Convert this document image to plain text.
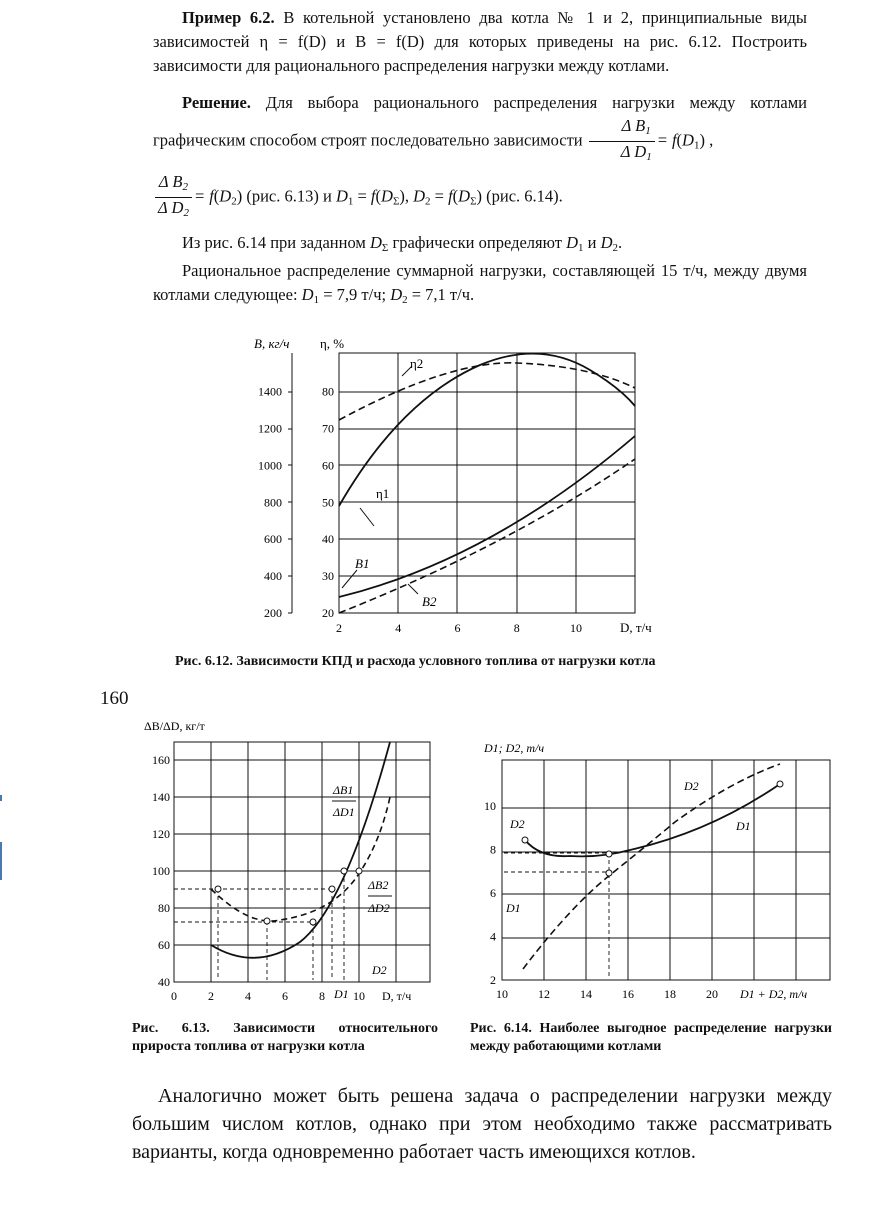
Пример 6.2. В котельной установлено два котла № 1 и 2, принципиальные виды зависимостей η = f(D) и B = f(D) для которых приведены на рис. 6.12. Построить зависимости для рационального распределения нагрузки между котлами.
Решение. Для выбора рационального распределения нагрузки между котлами графическим способом строят последовательно зависимости $\frac{\Delta B_1}{\Delta D_1} = f(D_1)$ ,
$\frac{\Delta B_2}{\Delta D_2} = f(D_2)$ (рис. 6.13) и $D_1 = f(D_\Sigma)$, $D_2 = f(D_\Sigma)$ (рис. 6.14).
Из рис. 6.14 при заданном $D_\Sigma$ графически определяют $D_1$ и $D_2$.
Рациональное распределение суммарной нагрузки, составляющей 15 т/ч, между двумя котлами следующее: $D_1 = 7,9$ т/ч; $D_2 = 7,1$ т/ч.
B, кг/ч η, %
D, т/ч
η2
η1
B1
B2
2	4	6	8	10
200
400
600
800
1000
1200
1400
20
30
40
50
60
70
80
Рис. 6.12. Зависимости КПД и расхода условного топлива от нагрузки котла
160
ΔB/ΔD, кг/т
D, т/ч
ΔB1
ΔD1
ΔB2
ΔD2
D1
D2
0	2	4	6	8 10
40
60
80
100
120
140
160
Рис. 6.13. Зависимости относительного прироста топлива от нагрузки котла
D1; D2, т/ч
D1 + D2, т/ч
D2
D1
D2
D1
10	12	14	16	18	20
2
4
6
8
10
Рис. 6.14. Наиболее выгодное распределение нагрузки между работающими котлами
Аналогично может быть решена задача о распределении нагрузки между большим числом котлов, однако при этом необходимо также рассматривать варианты, когда одновременно работает часть имеющихся котлов.
